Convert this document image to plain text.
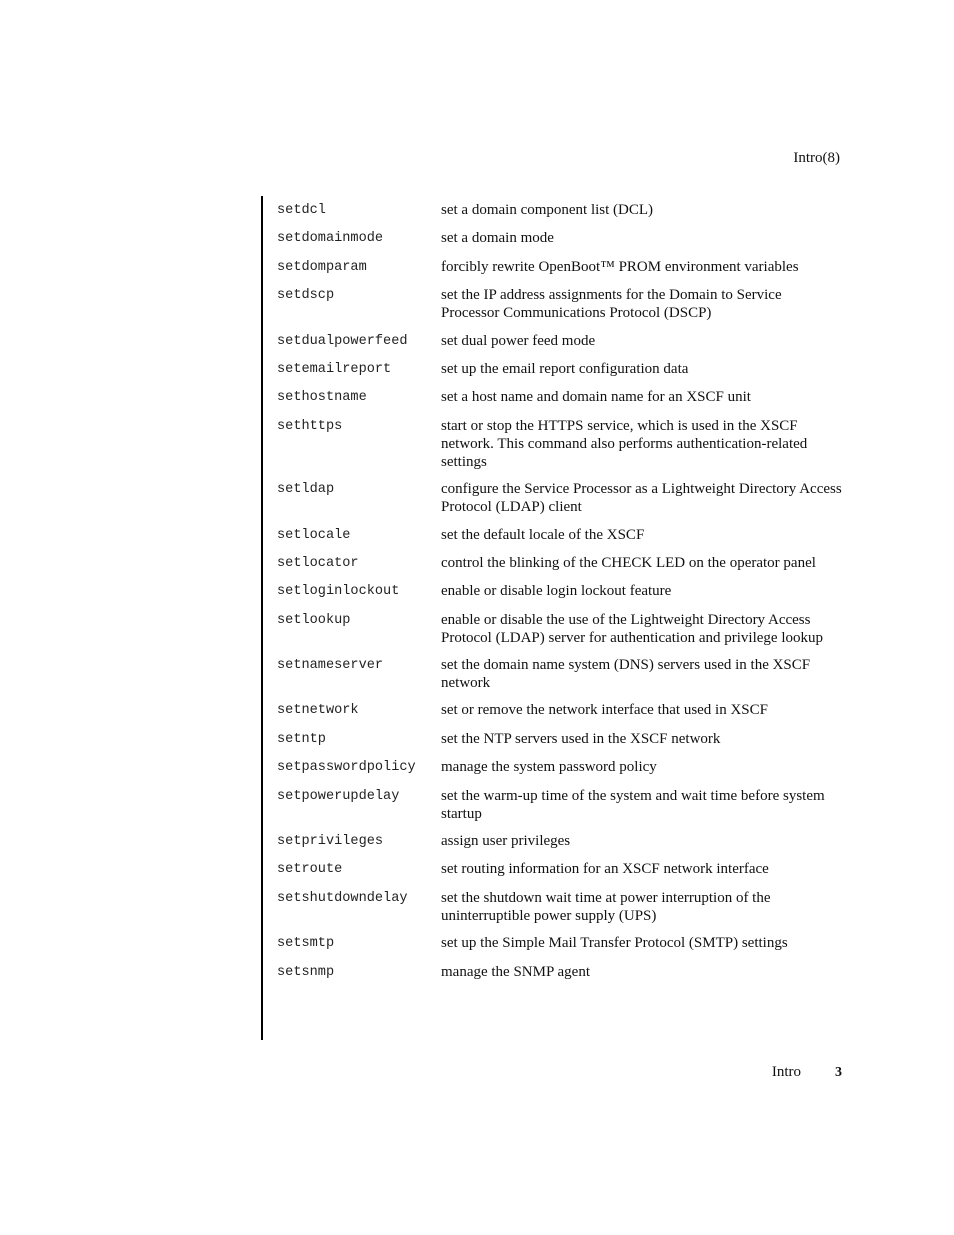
Intro(8)
setdcl	set a domain component list (DCL)
setdomainmode	set a domain mode
setdomparam	forcibly rewrite OpenBoot™ PROM environment variables
setdscp	set the IP address assignments for the Domain to Service Processor Communications Protocol (DSCP)
setdualpowerfeed	set dual power feed mode
setemailreport	set up the email report configuration data
sethostname	set a host name and domain name for an XSCF unit
sethttps	start or stop the HTTPS service, which is used in the XSCF network. This command also performs authentication-related settings
setldap	configure the Service Processor as a Lightweight Directory Access Protocol (LDAP) client
setlocale	set the default locale of the XSCF
setlocator	control the blinking of the CHECK LED on the operator panel
setloginlockout	enable or disable login lockout feature
setlookup	enable or disable the use of the Lightweight Directory Access Protocol (LDAP) server for authentication and privilege lookup
setnameserver	set the domain name system (DNS) servers used in the XSCF network
setnetwork	set or remove the network interface that used in XSCF
setntp	set the NTP servers used in the XSCF network
setpasswordpolicy	manage the system password policy
setpowerupdelay	set the warm-up time of the system and wait time before system startup
setprivileges	assign user privileges
setroute	set routing information for an XSCF network interface
setshutdowndelay	set the shutdown wait time at power interruption of the uninterruptible power supply (UPS)
setsmtp	set up the Simple Mail Transfer Protocol (SMTP) settings
setsnmp	manage the SNMP agent
Intro 3
